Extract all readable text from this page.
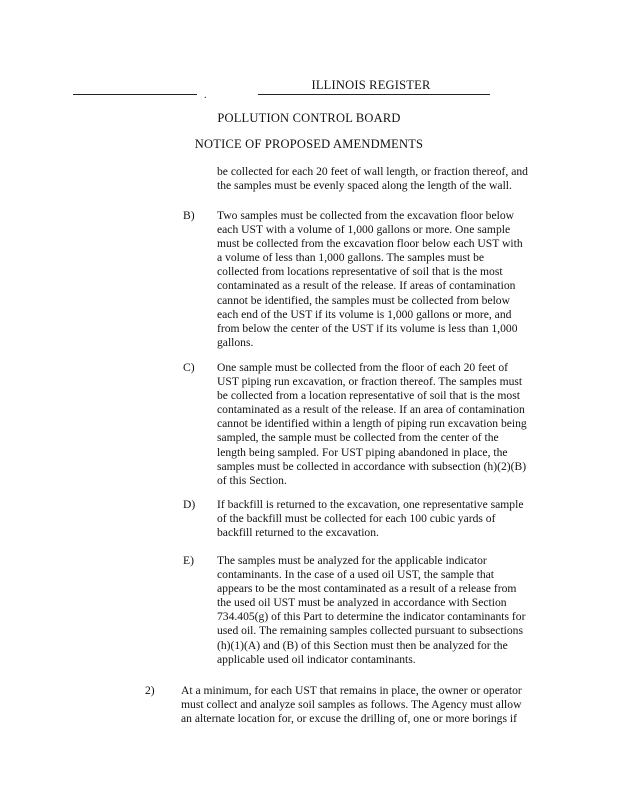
.
ILLINOIS REGISTER
POLLUTION CONTROL BOARD
NOTICE OF PROPOSED AMENDMENTS
be collected for each 20 feet of wall length, or fraction thereof, and
the samples must be evenly spaced along the length of the wall.
B) Two samples must be collected from the excavation floor below
each UST with a volume of 1,000 gallons or more. One sample
must be collected from the excavation floor below each UST with
a volume of less than 1,000 gallons. The samples must be
collected from locations representative of soil that is the most
contaminated as a result of the release. If areas of contamination
cannot be identified, the samples must be collected from below
each end of the UST if its volume is 1,000 gallons or more, and
from below the center of the UST if its volume is less than 1,000
gallons.
C) One sample must be collected from the floor of each 20 feet of
UST piping run excavation, or fraction thereof. The samples must
be collected from a location representative of soil that is the most
contaminated as a result of the release. If an area of contamination
cannot be identified within a length of piping run excavation being
sampled, the sample must be collected from the center of the
length being sampled. For UST piping abandoned in place, the
samples must be collected in accordance with subsection (h)(2)(B)
of this Section.
D) If backfill is returned to the excavation, one representative sample
of the backfill must be collected for each 100 cubic yards of
backfill returned to the excavation.
E) The samples must be analyzed for the applicable indicator
contaminants. In the case of a used oil UST, the sample that
appears to be the most contaminated as a result of a release from
the used oil UST must be analyzed in accordance with Section
734.405(g) of this Part to determine the indicator contaminants for
used oil. The remaining samples collected pursuant to subsections
(h)(1)(A) and (B) of this Section must then be analyzed for the
applicable used oil indicator contaminants.
2) At a minimum, for each UST that remains in place, the owner or operator
must collect and analyze soil samples as follows. The Agency must allow
an alternate location for, or excuse the drilling of, one or more borings if
